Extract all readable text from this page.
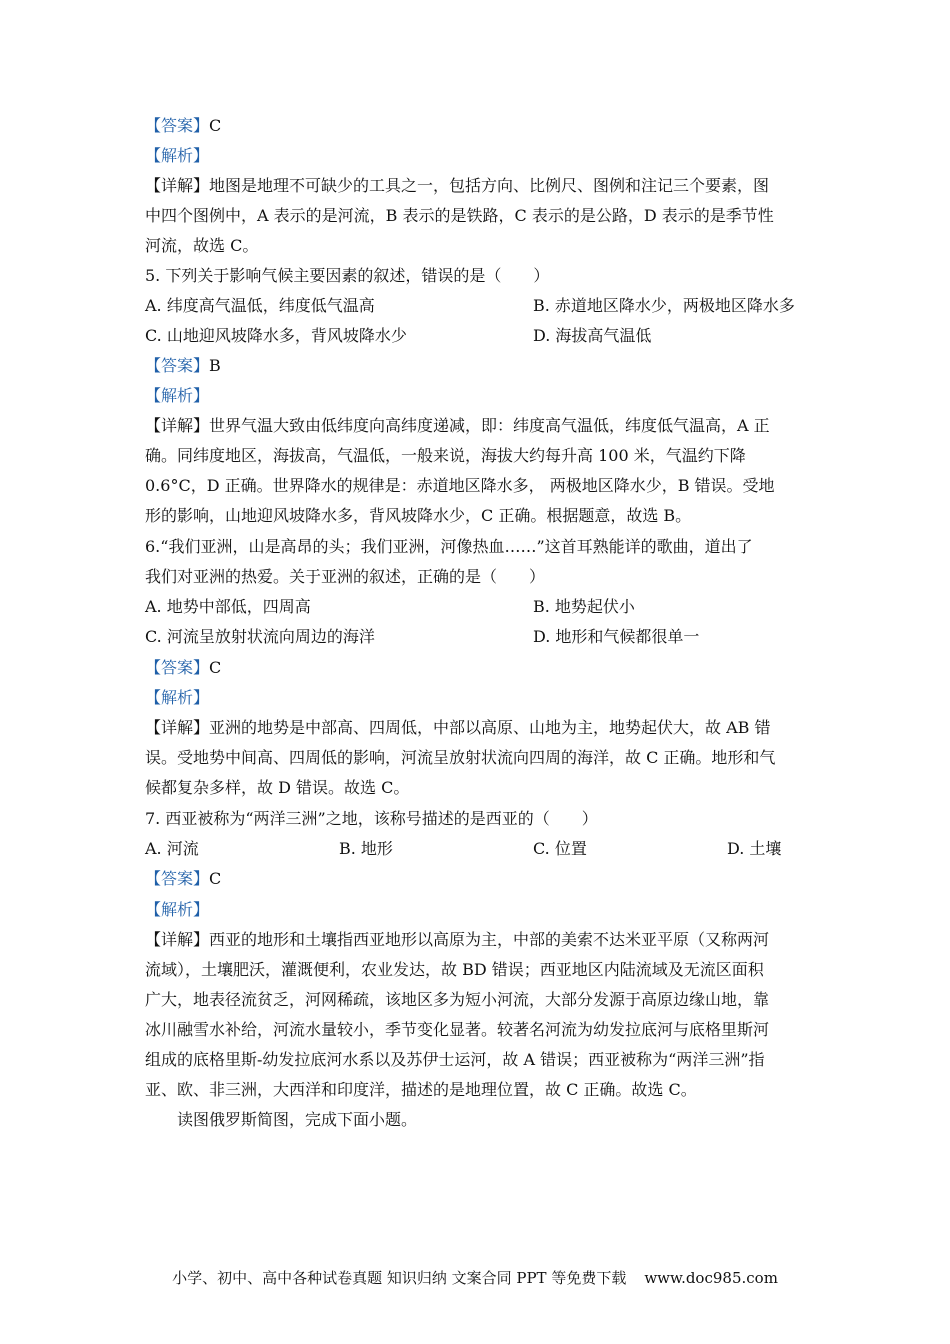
【答案】C
【解析】
【详解】地图是地理不可缺少的工具之一，包括方向、比例尺、图例和注记三个要素，图
中四个图例中，A 表示的是河流，B 表示的是铁路，C 表示的是公路，D 表示的是季节性
河流，故选 C。
5. 下列关于影响气候主要因素的叙述，错误的是（　　）
A. 纬度高气温低，纬度低气温高	B. 赤道地区降水少，两极地区降水多
C. 山地迎风坡降水多，背风坡降水少	D. 海拔高气温低
【答案】B
【解析】
【详解】世界气温大致由低纬度向高纬度递减，即：纬度高气温低，纬度低气温高，A 正
确。同纬度地区，海拔高，气温低，一般来说，海拔大约每升高 100 米，气温约下降
0.6°C，D 正确。世界降水的规律是：赤道地区降水多， 两极地区降水少，B 错误。受地
形的影响，山地迎风坡降水多，背风坡降水少，C 正确。根据题意，故选 B。
6.“我们亚洲，山是高昂的头；我们亚洲，河像热血……”这首耳熟能详的歌曲，道出了
我们对亚洲的热爱。关于亚洲的叙述，正确的是（　　）
A. 地势中部低，四周高	B. 地势起伏小
C. 河流呈放射状流向周边的海洋	D. 地形和气候都很单一
【答案】C
【解析】
【详解】亚洲的地势是中部高、四周低，中部以高原、山地为主，地势起伏大，故 AB 错
误。受地势中间高、四周低的影响，河流呈放射状流向四周的海洋，故 C 正确。地形和气
候都复杂多样，故 D 错误。故选 C。
7. 西亚被称为“两洋三洲”之地，该称号描述的是西亚的（　　）
A. 河流	B. 地形	C. 位置	D. 土壤
【答案】C
【解析】
【详解】西亚的地形和土壤指西亚地形以高原为主，中部的美索不达米亚平原（又称两河
流域），土壤肥沃，灌溉便利，农业发达，故 BD 错误；西亚地区内陆流域及无流区面积
广大，地表径流贫乏，河网稀疏，该地区多为短小河流，大部分发源于高原边缘山地，靠
冰川融雪水补给，河流水量较小，季节变化显著。较著名河流为幼发拉底河与底格里斯河
组成的底格里斯-幼发拉底河水系以及苏伊士运河，故 A 错误；西亚被称为“两洋三洲”指
亚、欧、非三洲，大西洋和印度洋，描述的是地理位置，故 C 正确。故选 C。
读图俄罗斯简图，完成下面小题。
小学、初中、高中各种试卷真题 知识归纳 文案合同 PPT 等免费下载 www.doc985.com
